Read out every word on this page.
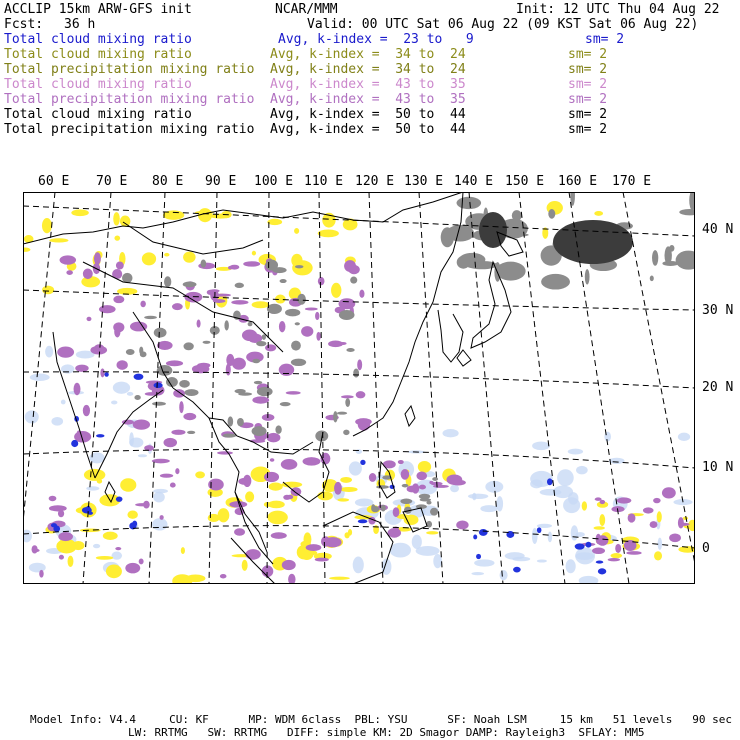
ACCLIP 15km ARW-GFS init	NCAR/MMM	Init: 12 UTC Thu 04 Aug 22
Fcst: 36 h	Valid: 00 UTC Sat 06 Aug 22 (09 KST Sat 06 Aug 22)
Total cloud mixing ratio	Avg, k-index =  23 to   9	sm= 2
Total cloud mixing ratio	Avg, k-index =  34 to  24	sm= 2
Total precipitation mixing ratio Avg, k-index =  34 to  24	sm= 2
Total cloud mixing ratio	Avg, k-index =  43 to  35	sm= 2
Total precipitation mixing ratio Avg, k-index =  43 to  35	sm= 2
Total cloud mixing ratio	Avg, k-index =  50 to  44	sm= 2
Total precipitation mixing ratio Avg, k-index =  50 to  44	sm= 2
60 E 70 E 80 E 90 E 100 E 110 E 120 E 130 E 140 E 150 E 160 E 170 E
40 N
30 N
20 N
10 N
0
Model Info: V4.4     CU: KF      MP: WDM 6class  PBL: YSU      SF: Noah LSM     15 km   51 levels   90 sec
LW: RRTMG   SW: RRTMG   DIFF: simple KM: 2D Smagor DAMP: Rayleigh3  SFLAY: MM5
